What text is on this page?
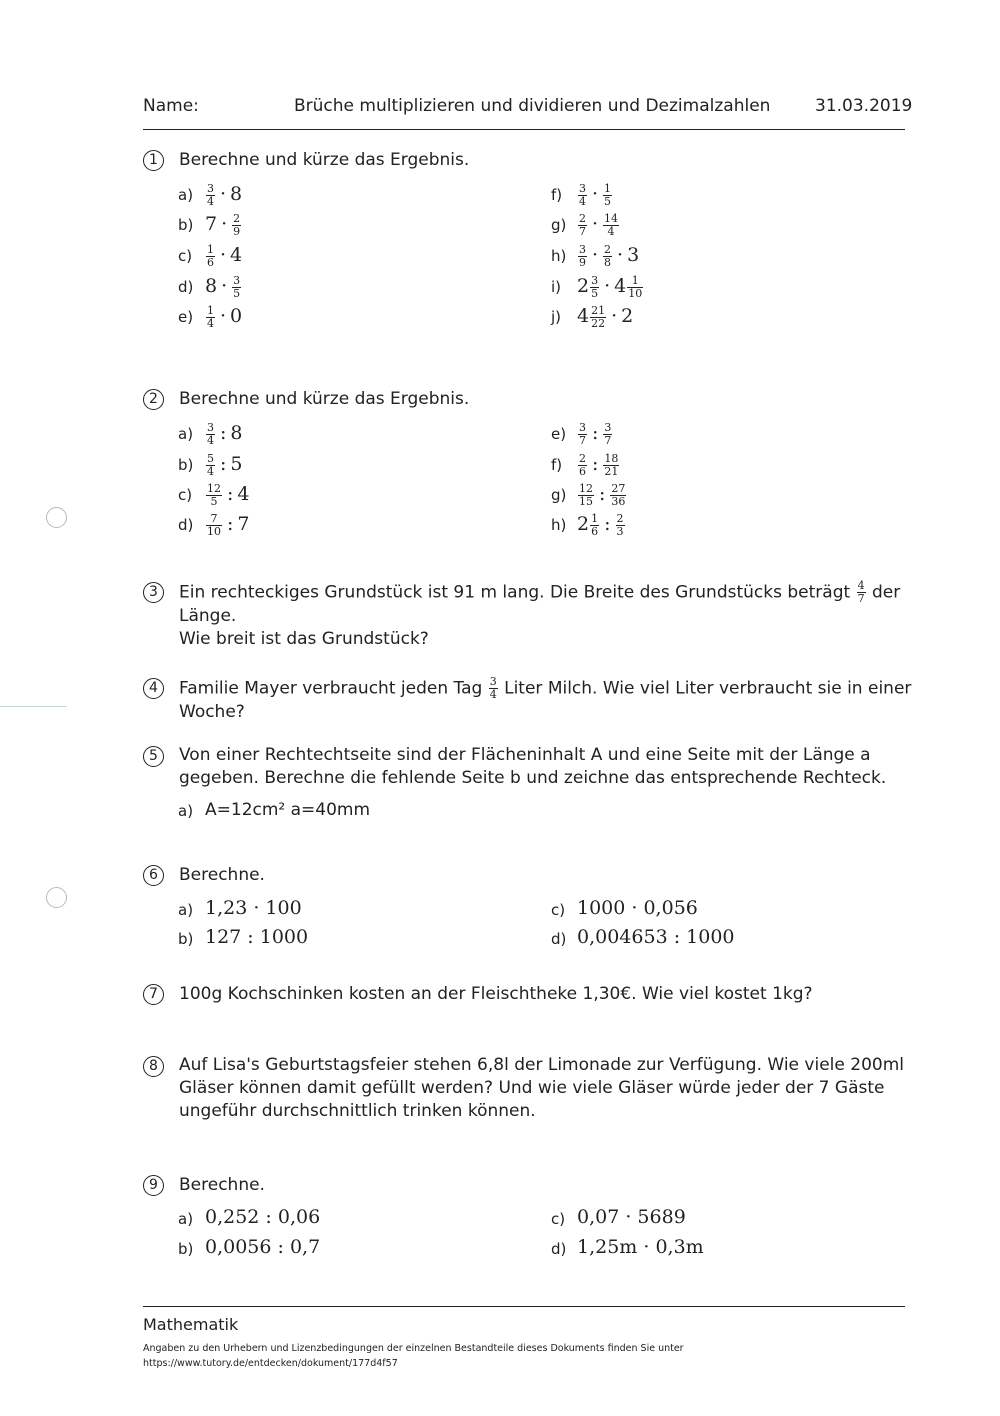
Name:	Brüche multiplizieren und dividieren und Dezimalzahlen	31.03.2019
1	Berechne und kürze das Ergebnis.
$a) \frac{3}{4} \cdot 8$
b) $7 \cdot \frac{2}{9}$
$c) \frac{1}{6} \cdot 4$
d) $8 \cdot \frac{3}{5}$
$e) \frac{1}{4} \cdot 0$
$f) \frac{3}{4} \cdot \frac{1}{5}$
$g) \frac{2}{7} \cdot \frac{14}{4}$
$h) \frac{3}{9} \cdot \frac{2}{8} \cdot 3$
i) $2 \frac{3}{5} \cdot 4 \frac{1}{10}$
j) $4 \frac{21}{22} \cdot 2$
2	Berechne und kürze das Ergebnis.
$a) \frac{3}{4}$ : 8
$b) \frac{5}{4}$ : 5
$c) \frac{12}{5}$ : 4
$d) \frac{7}{10}$ : 7
$e) \frac{3}{7}$ : $\frac{3}{7}$
$f) \frac{2}{6}$ : $\frac{18}{21}$
$g) \frac{12}{15}$ : $\frac{27}{36}$
h) $2 \frac{1}{6}$ : $\frac{2}{3}$
3	Ein rechteckiges Grundstück ist 91 m lang. Die Breite des Grundstücks beträgt $\frac{4}{7}$ der
Länge.
Wie breit ist das Grundstück?
4	Familie Mayer verbraucht jeden Tag $\frac{3}{4}$ Liter Milch. Wie viel Liter verbraucht sie in einer
Woche?
5	Von einer Rechtechtseite sind der Flächeninhalt A und eine Seite mit der Länge a
gegeben. Berechne die fehlende Seite b und zeichne das entsprechende Rechteck.
a) A=12cm² a=40mm
6	Berechne.
a) 1,23 · 100
b) 127 : 1000
c) 1000 · 0,056
d) 0,004653 : 1000
7	100g Kochschinken kosten an der Fleischtheke 1,30€. Wie viel kostet 1kg?
8	Auf Lisa's Geburtstagsfeier stehen 6,8l der Limonade zur Verfügung. Wie viele 200ml
Gläser können damit gefüllt werden? Und wie viele Gläser würde jeder der 7 Gäste
ungeführ durchschnittlich trinken können.
9	Berechne.
a) 0,252 : 0,06
b) 0,0056 : 0,7
c) 0,07 · 5689
d) 1,25m · 0,3m
Mathematik
Angaben zu den Urhebern und Lizenzbedingungen der einzelnen Bestandteile dieses Dokuments finden Sie unter
https://www.tutory.de/entdecken/dokument/177d4f57
